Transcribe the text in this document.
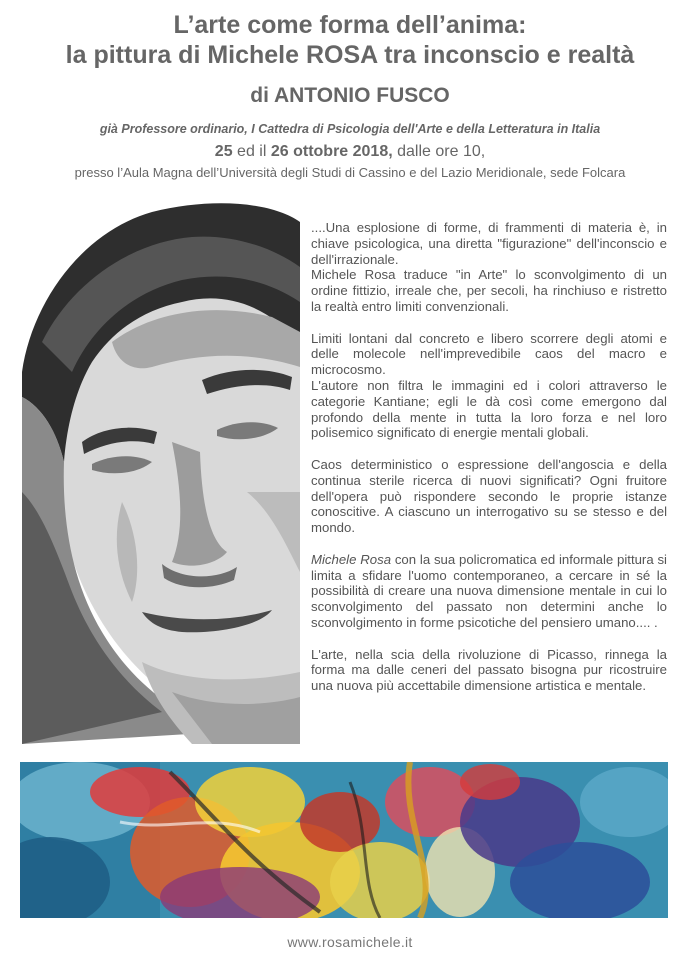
L’arte come forma dell’anima:
la pittura di Michele ROSA tra inconscio e realtà
di ANTONIO FUSCO
già Professore ordinario, I Cattedra di Psicologia dell'Arte e della Letteratura in Italia
25 ed il 26 ottobre 2018, dalle ore 10,
presso l’Aula Magna dell’Università degli Studi di Cassino e del Lazio Meridionale, sede Folcara

....Una esplosione di forme, di frammenti di materia è, in chiave psicologica, una diretta "figurazione" dell'inconscio e dell'irrazionale.
Michele Rosa traduce "in Arte" lo sconvolgimento di un ordine fittizio, irreale che, per secoli, ha rinchiuso e ristretto la realtà entro limiti convenzionali.

Limiti lontani dal concreto e libero scorrere degli atomi e delle molecole nell'imprevedibile caos del macro e microcosmo.
L'autore non filtra le immagini ed i colori attraverso le categorie Kantiane; egli le dà così come emergono dal profondo della mente in tutta la loro forza e nel loro polisemico significato di energie mentali globali.

Caos deterministico o espressione dell'angoscia e della continua sterile ricerca di nuovi significati? Ogni fruitore dell'opera può rispondere secondo le proprie istanze conoscitive. A ciascuno un interrogativo su se stesso e del mondo.

Michele Rosa con la sua policromatica ed informale pittura si limita a sfidare l'uomo contemporaneo, a cercare in sé la possibilità di creare una nuova dimensione mentale in cui lo sconvolgimento del passato non determini anche lo sconvolgimento in forme psicotiche del pensiero umano.... .

L'arte, nella scia della rivoluzione di Picasso, rinnega la forma ma dalle ceneri del passato bisogna pur ricostruire una nuova più accettabile dimensione artistica e mentale.

www.rosamichele.it
